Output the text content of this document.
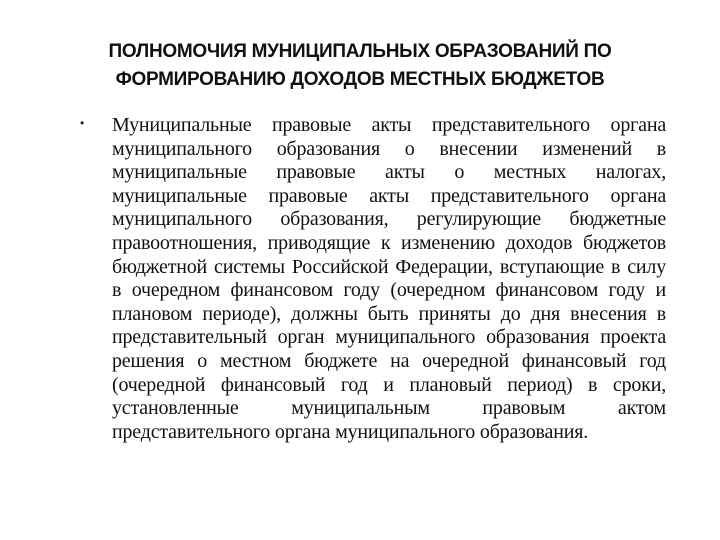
ПОЛНОМОЧИЯ МУНИЦИПАЛЬНЫХ ОБРАЗОВАНИЙ ПО
ФОРМИРОВАНИЮ ДОХОДОВ МЕСТНЫХ БЮДЖЕТОВ
• Муниципальные правовые акты представительного органа муниципального образования о внесении изменений в муниципальные правовые акты о местных налогах, муниципальные правовые акты представительного органа муниципального образования, регулирующие бюджетные правоотношения, приводящие к изменению доходов бюджетов бюджетной системы Российской Федерации, вступающие в силу в очередном финансовом году (очередном финансовом году и плановом периоде), должны быть приняты до дня внесения в представительный орган муниципального образования проекта решения о местном бюджете на очередной финансовый год (очередной финансовый год и плановый период) в сроки, установленные муниципальным правовым актом представительного органа муниципального образования.
